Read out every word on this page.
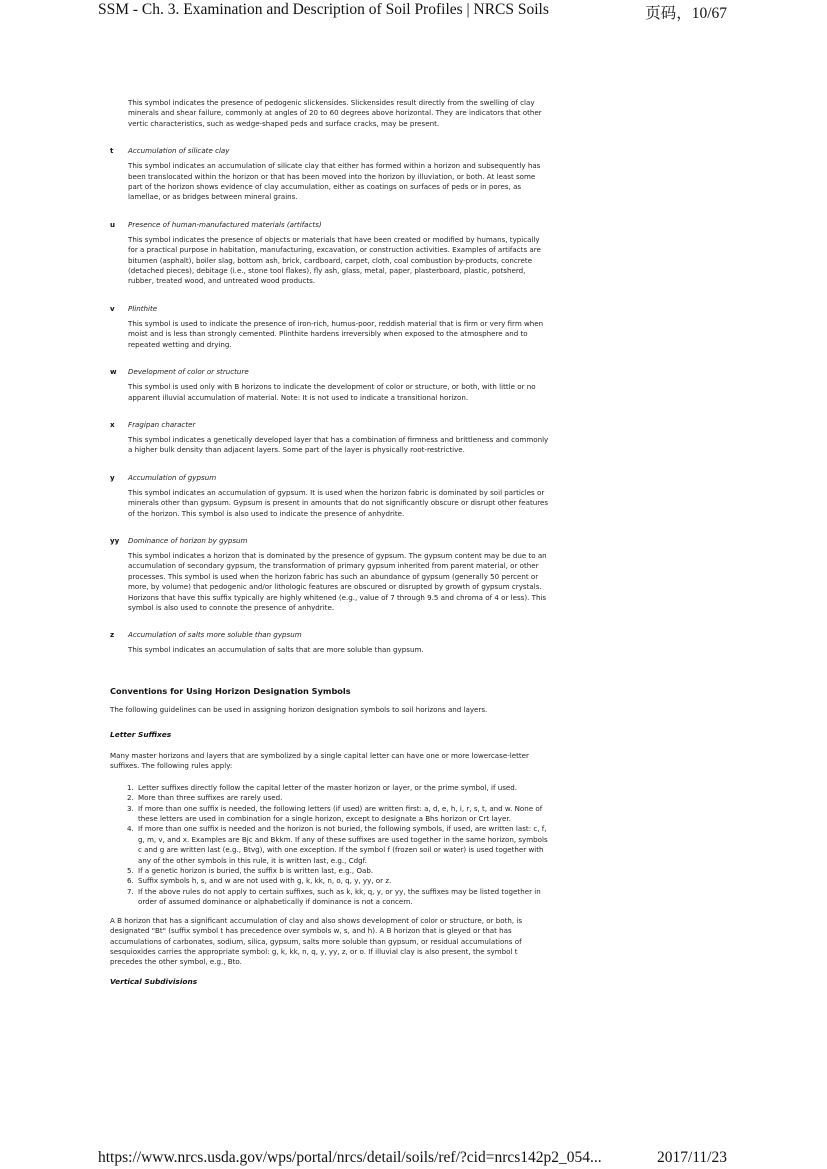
SSM - Ch. 3. Examination and Description of Soil Profiles | NRCS Soils	页码，10/67

This symbol indicates the presence of pedogenic slickensides. Slickensides result directly from the swelling of clay minerals and shear failure, commonly at angles of 20 to 60 degrees above horizontal. They are indicators that other vertic characteristics, such as wedge-shaped peds and surface cracks, may be present.

t Accumulation of silicate clay

This symbol indicates an accumulation of silicate clay that either has formed within a horizon and subsequently has been translocated within the horizon or that has been moved into the horizon by illuviation, or both. At least some part of the horizon shows evidence of clay accumulation, either as coatings on surfaces of peds or in pores, as lamellae, or as bridges between mineral grains.

u Presence of human-manufactured materials (artifacts)

This symbol indicates the presence of objects or materials that have been created or modified by humans, typically for a practical purpose in habitation, manufacturing, excavation, or construction activities. Examples of artifacts are bitumen (asphalt), boiler slag, bottom ash, brick, cardboard, carpet, cloth, coal combustion by-products, concrete (detached pieces), debitage (i.e., stone tool flakes), fly ash, glass, metal, paper, plasterboard, plastic, potsherd, rubber, treated wood, and untreated wood products.

v Plinthite

This symbol is used to indicate the presence of iron-rich, humus-poor, reddish material that is firm or very firm when moist and is less than strongly cemented. Plinthite hardens irreversibly when exposed to the atmosphere and to repeated wetting and drying.

w Development of color or structure

This symbol is used only with B horizons to indicate the development of color or structure, or both, with little or no apparent illuvial accumulation of material. Note: It is not used to indicate a transitional horizon.

x Fragipan character

This symbol indicates a genetically developed layer that has a combination of firmness and brittleness and commonly a higher bulk density than adjacent layers. Some part of the layer is physically root-restrictive.

y Accumulation of gypsum

This symbol indicates an accumulation of gypsum. It is used when the horizon fabric is dominated by soil particles or minerals other than gypsum. Gypsum is present in amounts that do not significantly obscure or disrupt other features of the horizon. This symbol is also used to indicate the presence of anhydrite.

yy Dominance of horizon by gypsum

This symbol indicates a horizon that is dominated by the presence of gypsum. The gypsum content may be due to an accumulation of secondary gypsum, the transformation of primary gypsum inherited from parent material, or other processes. This symbol is used when the horizon fabric has such an abundance of gypsum (generally 50 percent or more, by volume) that pedogenic and/or lithologic features are obscured or disrupted by growth of gypsum crystals. Horizons that have this suffix typically are highly whitened (e.g., value of 7 through 9.5 and chroma of 4 or less). This symbol is also used to connote the presence of anhydrite.

z Accumulation of salts more soluble than gypsum

This symbol indicates an accumulation of salts that are more soluble than gypsum.

Conventions for Using Horizon Designation Symbols

The following guidelines can be used in assigning horizon designation symbols to soil horizons and layers.

Letter Suffixes

Many master horizons and layers that are symbolized by a single capital letter can have one or more lowercase-letter suffixes. The following rules apply:

1. Letter suffixes directly follow the capital letter of the master horizon or layer, or the prime symbol, if used.
2. More than three suffixes are rarely used.
3. If more than one suffix is needed, the following letters (if used) are written first: a, d, e, h, i, r, s, t, and w. None of these letters are used in combination for a single horizon, except to designate a Bhs horizon or Crt layer.
4. If more than one suffix is needed and the horizon is not buried, the following symbols, if used, are written last: c, f, g, m, v, and x. Examples are Bjc and Bkkm. If any of these suffixes are used together in the same horizon, symbols c and g are written last (e.g., Btvg), with one exception. If the symbol f (frozen soil or water) is used together with any of the other symbols in this rule, it is written last, e.g., Cdgf.
5. If a genetic horizon is buried, the suffix b is written last, e.g., Oab.
6. Suffix symbols h, s, and w are not used with g, k, kk, n, o, q, y, yy, or z.
7. If the above rules do not apply to certain suffixes, such as k, kk, q, y, or yy, the suffixes may be listed together in order of assumed dominance or alphabetically if dominance is not a concern.

A B horizon that has a significant accumulation of clay and also shows development of color or structure, or both, is designated "Bt" (suffix symbol t has precedence over symbols w, s, and h). A B horizon that is gleyed or that has accumulations of carbonates, sodium, silica, gypsum, salts more soluble than gypsum, or residual accumulations of sesquioxides carries the appropriate symbol: g, k, kk, n, q, y, yy, z, or o. If illuvial clay is also present, the symbol t precedes the other symbol, e.g., Bto.

Vertical Subdivisions
https://www.nrcs.usda.gov/wps/portal/nrcs/detail/soils/ref/?cid=nrcs142p2_054...	2017/11/23
